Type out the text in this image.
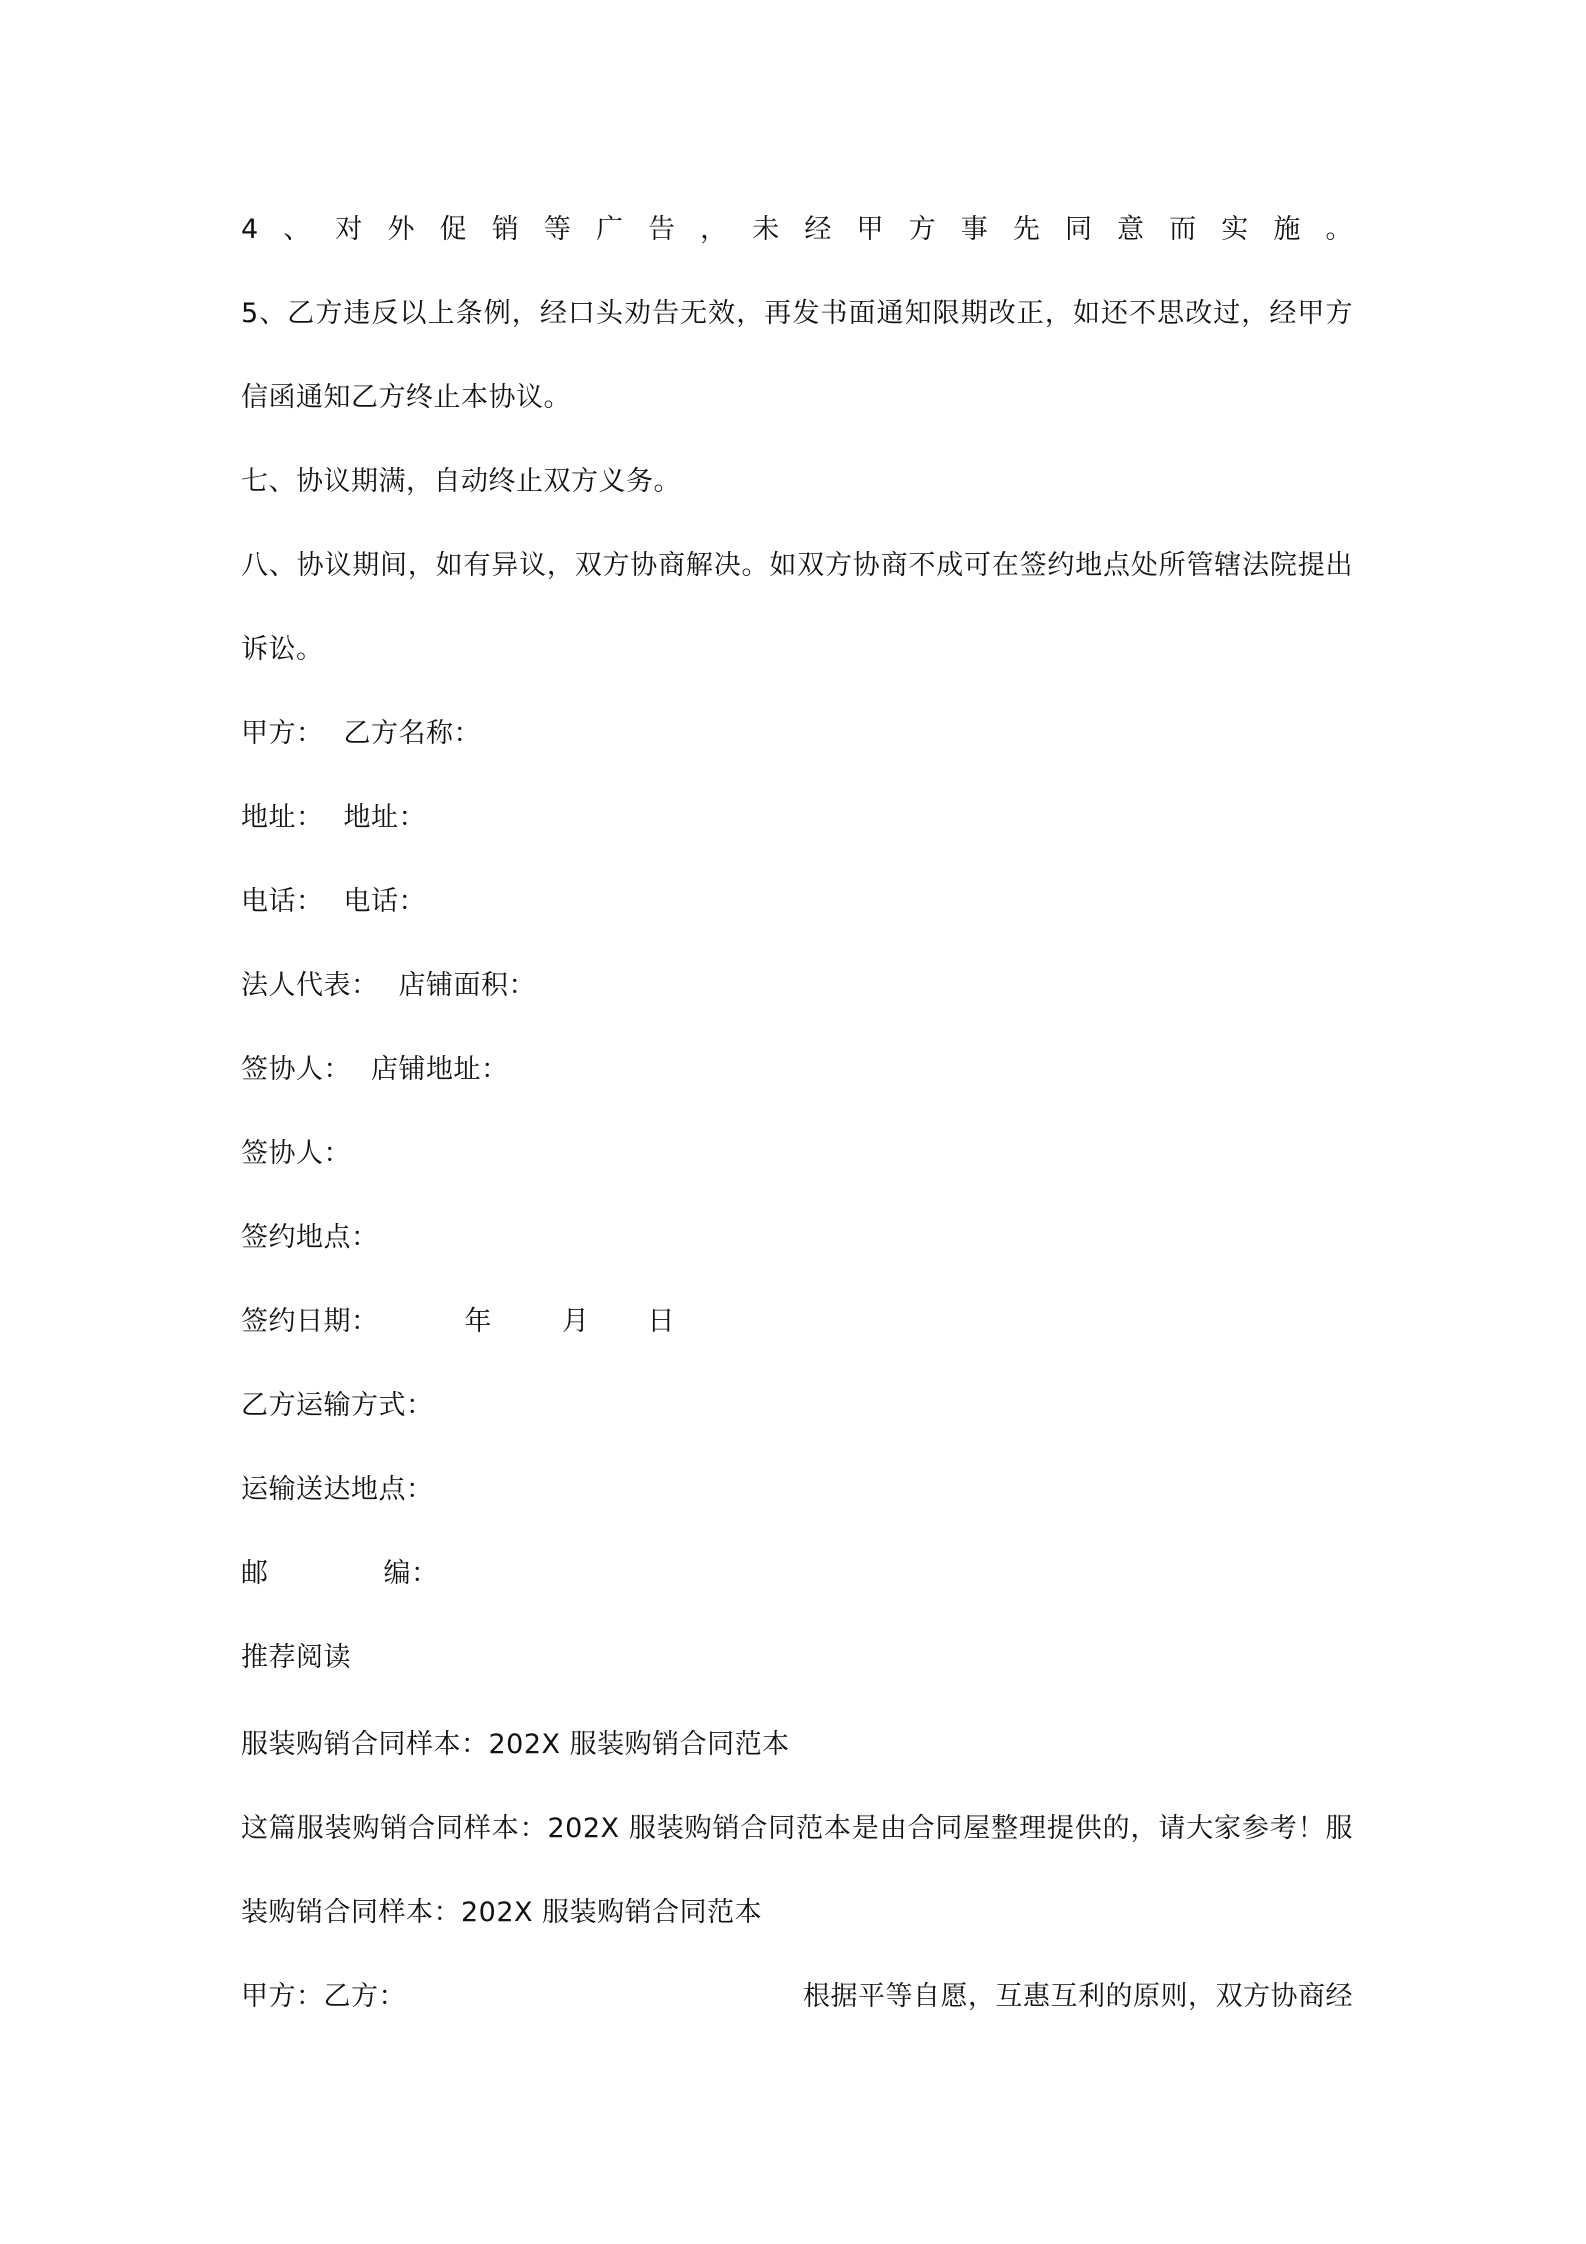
4、对外促销等广告，未经甲方事先同意而实施。
5、乙方违反以上条例，经口头劝告无效，再发书面通知限期改正，如还不思改过，经甲方
信函通知乙方终止本协议。
七、协议期满，自动终止双方义务。
八、协议期间，如有异议，双方协商解决。如双方协商不成可在签约地点处所管辖法院提出
诉讼。
甲方： 乙方名称：
地址： 地址：
电话： 电话：
法人代表： 店铺面积：
签协人： 店铺地址：
签协人：
签约地点：
签约日期：	年	月 日
乙方运输方式：
运输送达地点：
邮	编：
推荐阅读
服装购销合同样本：202X 服装购销合同范本
这篇服装购销合同样本：202X 服装购销合同范本是由合同屋整理提供的，请大家参考！服
装购销合同样本：202X 服装购销合同范本
甲方：乙方：	根据平等自愿，互惠互利的原则，双方协商经
